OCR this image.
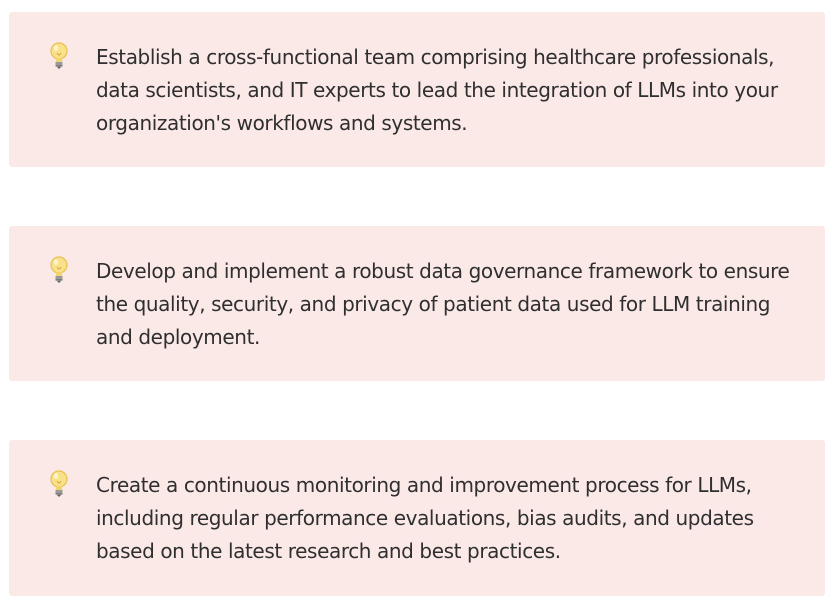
Establish a cross-functional team comprising healthcare professionals, data scientists, and IT experts to lead the integration of LLMs into your organization's workflows and systems.
Develop and implement a robust data governance framework to ensure the quality, security, and privacy of patient data used for LLM training and deployment.
Create a continuous monitoring and improvement process for LLMs, including regular performance evaluations, bias audits, and updates based on the latest research and best practices.
